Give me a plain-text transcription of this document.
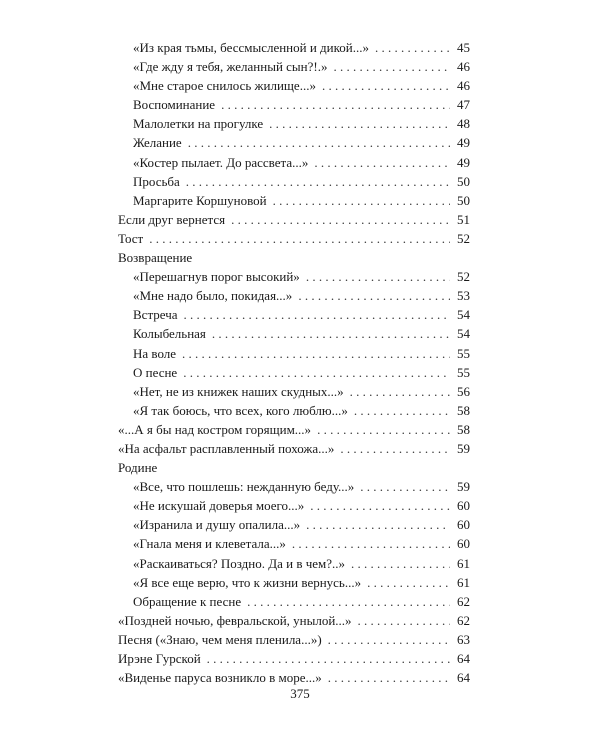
«Из края тьмы, бессмысленной и дикой...» . . .	45
«Где жду я тебя, желанный сын?!.» . . .	46
«Мне старое снилось жилище...» . . .	46
Воспоминание . . .	47
Малолетки на прогулке . . .	48
Желание . . .	49
«Костер пылает. До рассвета...» . . .	49
Просьба . . .	50
Маргарите Коршуновой . . .	50
Если друг вернется . . .	51
Тост . . .	52
Возвращение
«Перешагнув порог высокий» . . .	52
«Мне надо было, покидая...» . . .	53
Встреча . . .	54
Колыбельная . . .	54
На воле . . .	55
О песне . . .	55
«Нет, не из книжек наших скудных...» . . .	56
«Я так боюсь, что всех, кого люблю...» . . .	58
«...А я бы над костром горящим...» . . .	58
«На асфальт расплавленный похожа...» . . .	59
Родине
«Все, что пошлешь: нежданную беду...» . . .	59
«Не искушай доверья моего...» . . .	60
«Изранила и душу опалила...» . . .	60
«Гнала меня и клеветала...» . . .	60
«Раскаиваться? Поздно. Да и в чем?..» . . .	61
«Я все еще верю, что к жизни вернусь...» . . .	61
Обращение к песне . . .	62
«Поздней ночью, февральской, унылой...» . . .	62
Песня («Знаю, чем меня пленила...») . . .	63
Ирэне Гурской . . .	64
«Виденье паруса возникло в море...» . . .	64
375
